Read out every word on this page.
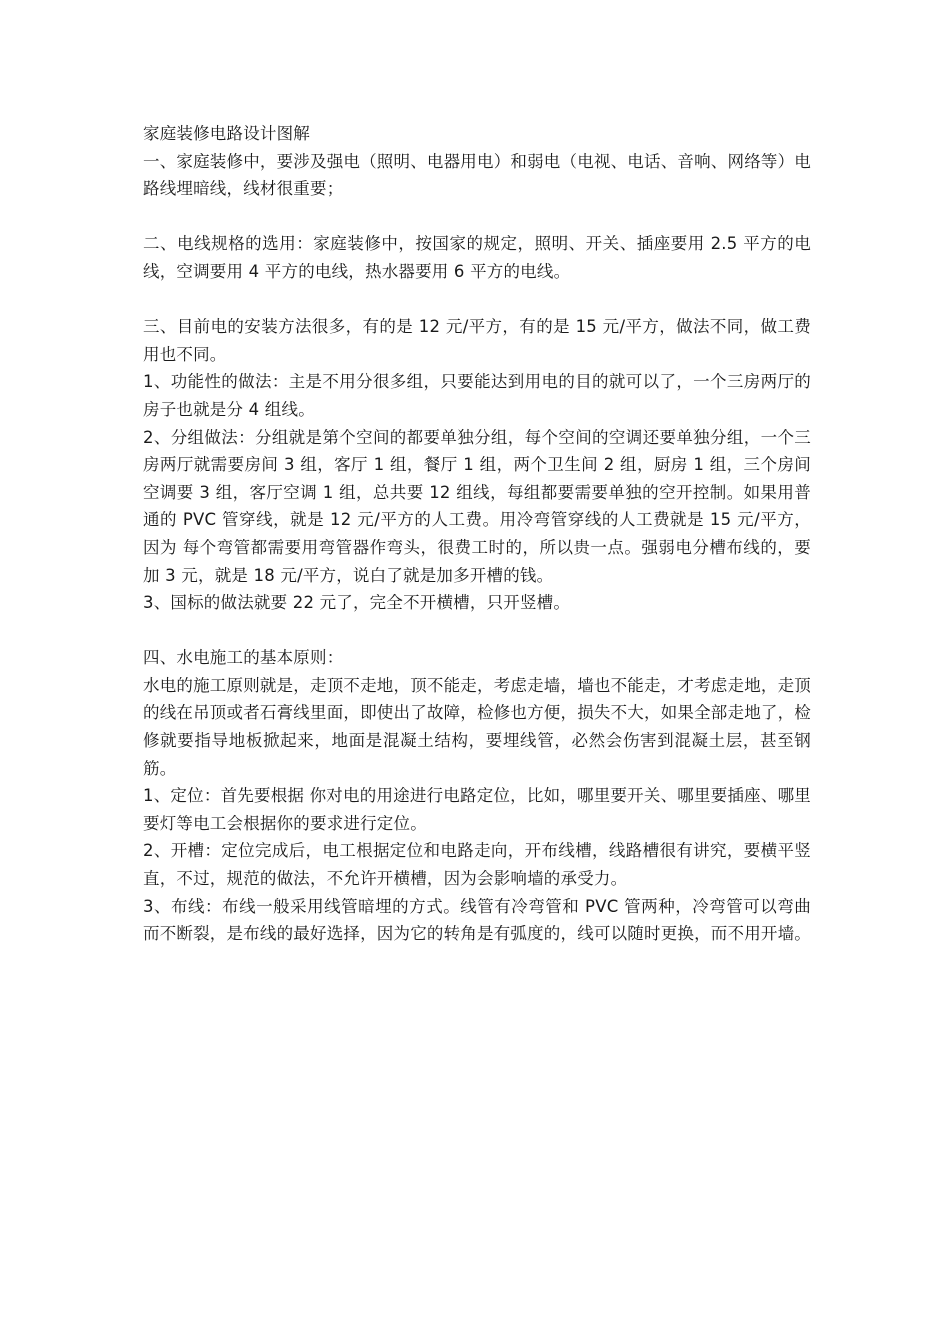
家庭装修电路设计图解

一、家庭装修中，要涉及强电（照明、电器用电）和弱电（电视、电话、音响、网络等）电路线埋暗线，线材很重要；

二、电线规格的选用：家庭装修中，按国家的规定，照明、开关、插座要用 2.5 平方的电线，空调要用 4 平方的电线，热水器要用 6 平方的电线。

三、目前电的安装方法很多，有的是 12 元/平方，有的是 15 元/平方，做法不同，做工费用也不同。

1、功能性的做法：主是不用分很多组，只要能达到用电的目的就可以了，一个三房两厅的房子也就是分 4 组线。

2、分组做法：分组就是第个空间的都要单独分组，每个空间的空调还要单独分组，一个三房两厅就需要房间 3 组，客厅 1 组，餐厅 1 组，两个卫生间 2 组，厨房 1 组，三个房间空调要 3 组，客厅空调 1 组，总共要 12 组线，每组都要需要单独的空开控制。如果用普通的 PVC 管穿线，就是 12 元/平方的人工费。用冷弯管穿线的人工费就是 15 元/平方，因为 每个弯管都需要用弯管器作弯头，很费工时的，所以贵一点。强弱电分槽布线的，要加 3 元，就是 18 元/平方，说白了就是加多开槽的钱。

3、国标的做法就要 22 元了，完全不开横槽，只开竖槽。

四、水电施工的基本原则：

水电的施工原则就是，走顶不走地，顶不能走，考虑走墙，墙也不能走，才考虑走地，走顶的线在吊顶或者石膏线里面，即使出了故障，检修也方便，损失不大，如果全部走地了，检修就要指导地板掀起来，地面是混凝土结构，要埋线管，必然会伤害到混凝土层，甚至钢筋。

1、定位：首先要根据 你对电的用途进行电路定位，比如，哪里要开关、哪里要插座、哪里要灯等电工会根据你的要求进行定位。

2、开槽：定位完成后，电工根据定位和电路走向，开布线槽，线路槽很有讲究，要横平竖直，不过，规范的做法，不允许开横槽，因为会影响墙的承受力。

3、布线：布线一般采用线管暗埋的方式。线管有冷弯管和 PVC 管两种，冷弯管可以弯曲而不断裂，是布线的最好选择，因为它的转角是有弧度的，线可以随时更换，而不用开墙。
